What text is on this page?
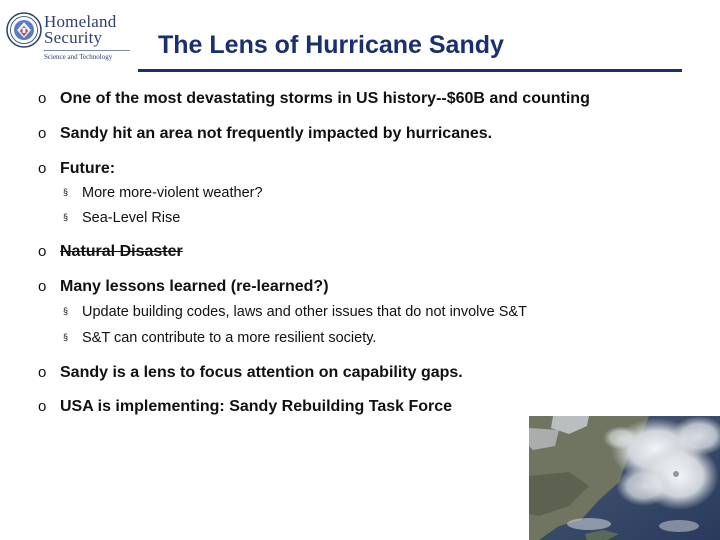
Homeland
Security
Science and Technology The Lens of Hurricane Sandy
o One of the most devastating storms in US history--$60B and counting
o Sandy hit an area not frequently impacted by hurricanes.
o Future:
§ More more-violent weather?
§ Sea-Level Rise
o Natural Disaster
o Many lessons learned (re-learned?)
§ Update building codes, laws and other issues that do not involve S&T
§ S&T can contribute to a more resilient society.
o Sandy is a lens to focus attention on capability gaps.
o USA is implementing: Sandy Rebuilding Task Force
